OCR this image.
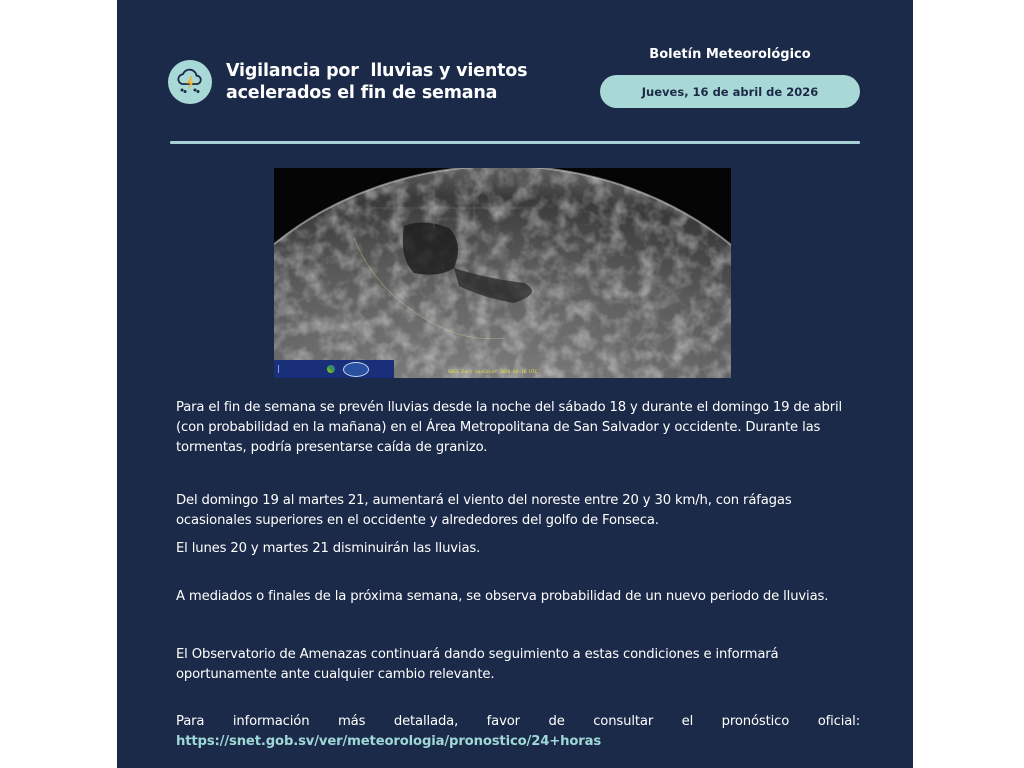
Vigilancia por  lluvias y vientos
acelerados el fin de semana
Boletín Meteorológico
Jueves, 16 de abril de 2026
GOES East GeoColor 2026-04-16 UTC
Para el fin de semana se prevén lluvias desde la noche del sábado 18 y durante el domingo 19 de abril (con probabilidad en la mañana) en el Área Metropolitana de San Salvador y occidente. Durante las tormentas, podría presentarse caída de granizo.
Del domingo 19 al martes 21, aumentará el viento del noreste entre 20 y 30 km/h, con ráfagas ocasionales superiores en el occidente y alrededores del golfo de Fonseca.
El lunes 20 y martes 21 disminuirán las lluvias.
A mediados o finales de la próxima semana, se observa probabilidad de un nuevo periodo de lluvias.
El Observatorio de Amenazas continuará dando seguimiento a estas condiciones e informará oportunamente ante cualquier cambio relevante.
Para información más detallada, favor de consultar el pronóstico oficial:
https://snet.gob.sv/ver/meteorologia/pronostico/24+horas
